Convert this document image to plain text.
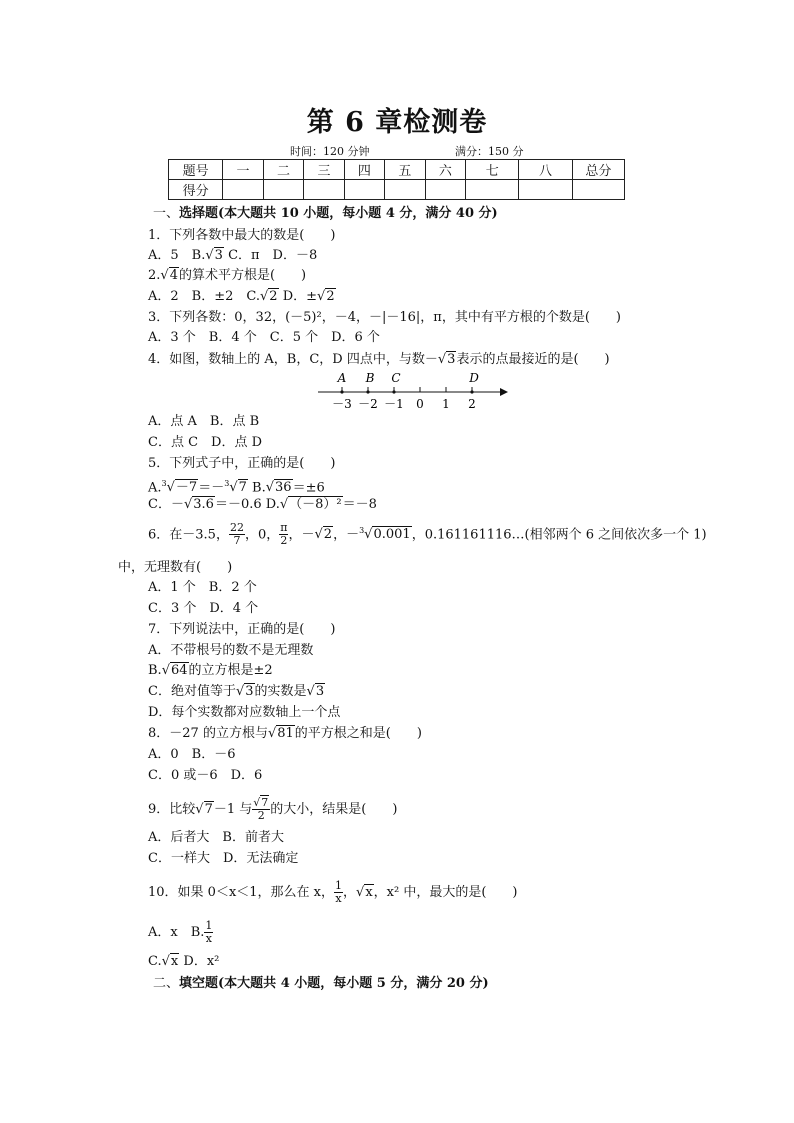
第 6 章检测卷
时间：120 分钟	满分：150 分
题号	一	二	三	四	五	六	七	八	总分
得分									
一、选择题(本大题共 10 小题，每小题 4 分，满分 40 分)
1．下列各数中最大的数是(　　)
A．5　B.√3 C．π　D．－8
2.√4的算术平方根是(　　)
A．2　B．±2　C.√2 D．±√2
3．下列各数：0，32，(－5)²，－4，－|－16|，π，其中有平方根的个数是(　　)
A．3 个　B．4 个　C．5 个　D．6 个
4．如图，数轴上的 A，B，C，D 四点中，与数－√3表示的点最接近的是(　　)
A B C	D
－3 －2 －1 0 1 2
A．点 A　B．点 B
C．点 C　D．点 D
5．下列式子中，正确的是(　　)
A.$^3$√－7＝－$^3$√7 B.√36＝±6
C．－√3.6＝－0.6 D.√（－8）²＝－8
6．在－3.5， $\frac{22}{7}$ ，0， $\frac{\pi}{2}$ ，－√2，－$^3$√0.001，0.161161116…(相邻两个 6 之间依次多一个 1)
中，无理数有(　　)
A．1 个　B．2 个
C．3 个　D．4 个
7．下列说法中，正确的是(　　)
A．不带根号的数不是无理数
B.√64的立方根是±2
C．绝对值等于√3的实数是√3
D．每个实数都对应数轴上一个点
8．－27 的立方根与√81的平方根之和是(　　)
A．0　B．－6
C．0 或－6　D．6
9．比较√7－1 与 $\frac{√7}{2}$ 的大小，结果是(　　)
A．后者大　B．前者大
C．一样大　D．无法确定
10．如果 0＜x＜1，那么在 x， $\frac{1}{x}$ ，√x，x² 中，最大的是(　　)
A．x　B. $\frac{1}{x}$
C.√x D．x²
二、填空题(本大题共 4 小题，每小题 5 分，满分 20 分)
